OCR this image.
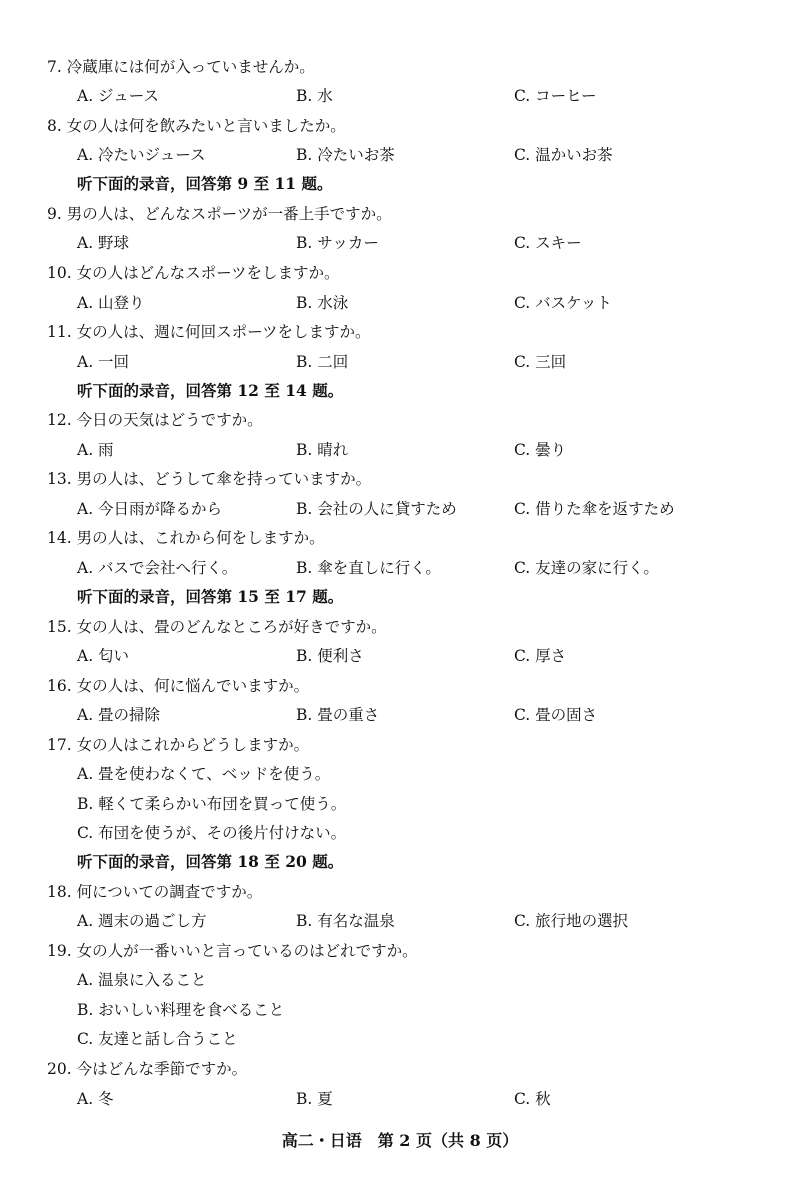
7. 冷蔵庫には何が入っていませんか。
A. ジュース	B. 水	C. コーヒー
8. 女の人は何を飲みたいと言いましたか。
A. 冷たいジュース	B. 冷たいお茶	C. 温かいお茶
听下面的录音，回答第 9 至 11 题。
9. 男の人は、どんなスポーツが一番上手ですか。
A. 野球	B. サッカー	C. スキー
10. 女の人はどんなスポーツをしますか。
A. 山登り	B. 水泳	C. バスケット
11. 女の人は、週に何回スポーツをしますか。
A. 一回	B. 二回	C. 三回
听下面的录音，回答第 12 至 14 题。
12. 今日の天気はどうですか。
A. 雨	B. 晴れ	C. 曇り
13. 男の人は、どうして傘を持っていますか。
A. 今日雨が降るから	B. 会社の人に貸すため	C. 借りた傘を返すため
14. 男の人は、これから何をしますか。
A. バスで会社へ行く。	B. 傘を直しに行く。	C. 友達の家に行く。
听下面的录音，回答第 15 至 17 题。
15. 女の人は、畳のどんなところが好きですか。
A. 匂い	B. 便利さ	C. 厚さ
16. 女の人は、何に悩んでいますか。
A. 畳の掃除	B. 畳の重さ	C. 畳の固さ
17. 女の人はこれからどうしますか。
A. 畳を使わなくて、ベッドを使う。
B. 軽くて柔らかい布団を買って使う。
C. 布団を使うが、その後片付けない。
听下面的录音，回答第 18 至 20 题。
18. 何についての調査ですか。
A. 週末の過ごし方	B. 有名な温泉	C. 旅行地の選択
19. 女の人が一番いいと言っているのはどれですか。
A. 温泉に入ること
B. おいしい料理を食べること
C. 友達と話し合うこと
20. 今はどんな季節ですか。
A. 冬	B. 夏	C. 秋
高二・日语　第 2 页（共 8 页）
